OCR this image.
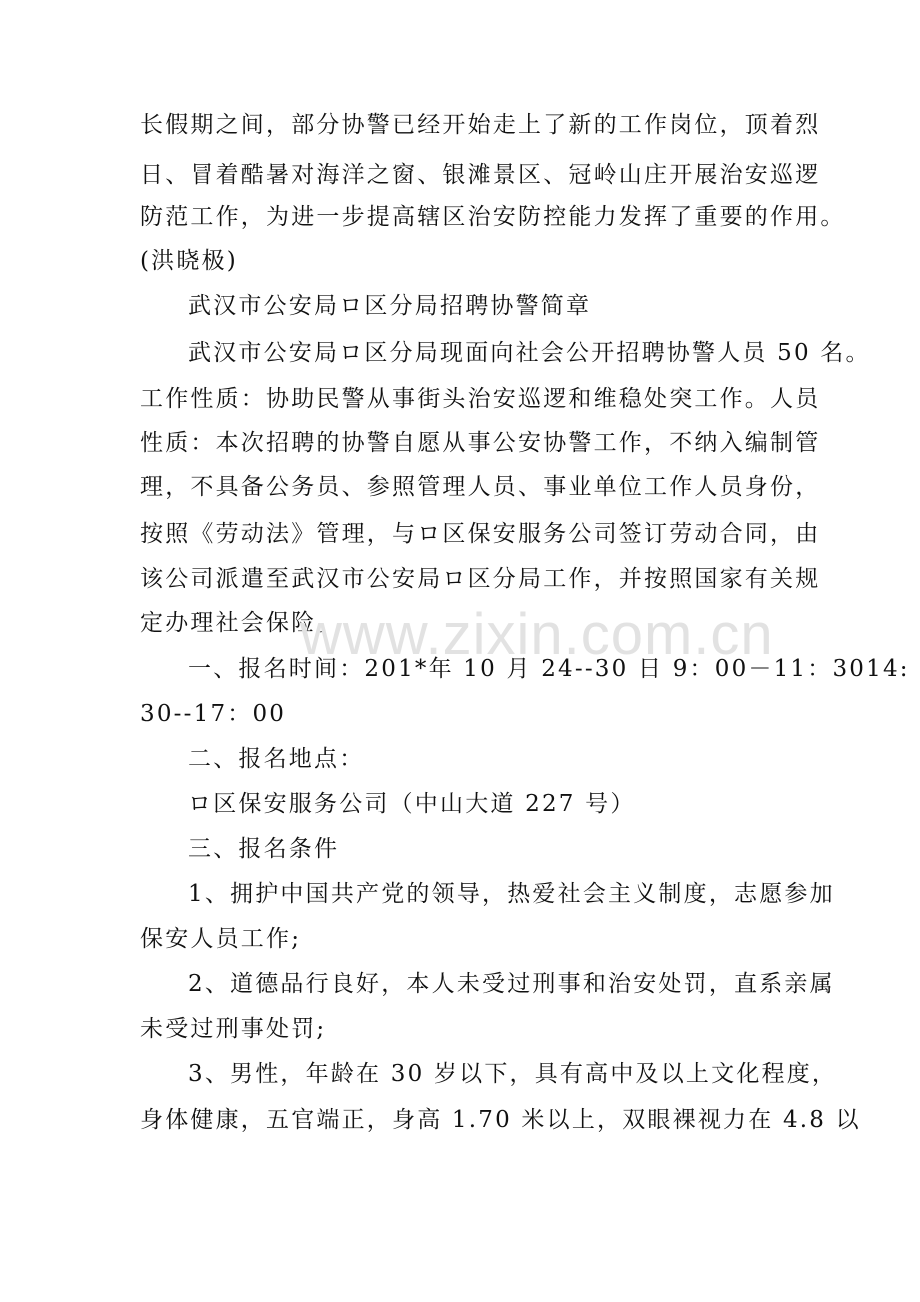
长假期之间，部分协警已经开始走上了新的工作岗位，顶着烈
日、冒着酷暑对海洋之窗、银滩景区、冠岭山庄开展治安巡逻
防范工作，为进一步提高辖区治安防控能力发挥了重要的作用。
(洪晓极)
武汉市公安局ロ区分局招聘协警简章
武汉市公安局ロ区分局现面向社会公开招聘协警人员 50 名。
工作性质：协助民警从事街头治安巡逻和维稳处突工作。人员
性质：本次招聘的协警自愿从事公安协警工作，不纳入编制管
理，不具备公务员、参照管理人员、事业单位工作人员身份，
按照《劳动法》管理，与ロ区保安服务公司签订劳动合同，由
该公司派遣至武汉市公安局ロ区分局工作，并按照国家有关规
定办理社会保险。
一、报名时间：201*年 10 月 24--30 日 9：00－11：3014:
30--17：00
二、报名地点：
ロ区保安服务公司（中山大道 227 号）
三、报名条件
1、拥护中国共产党的领导，热爱社会主义制度，志愿参加
保安人员工作;
2、道德品行良好，本人未受过刑事和治安处罚，直系亲属
未受过刑事处罚;
3、男性，年龄在 30 岁以下，具有高中及以上文化程度，
身体健康，五官端正，身高 1.70 米以上，双眼裸视力在 4.8 以
www.zixin.com.cn
